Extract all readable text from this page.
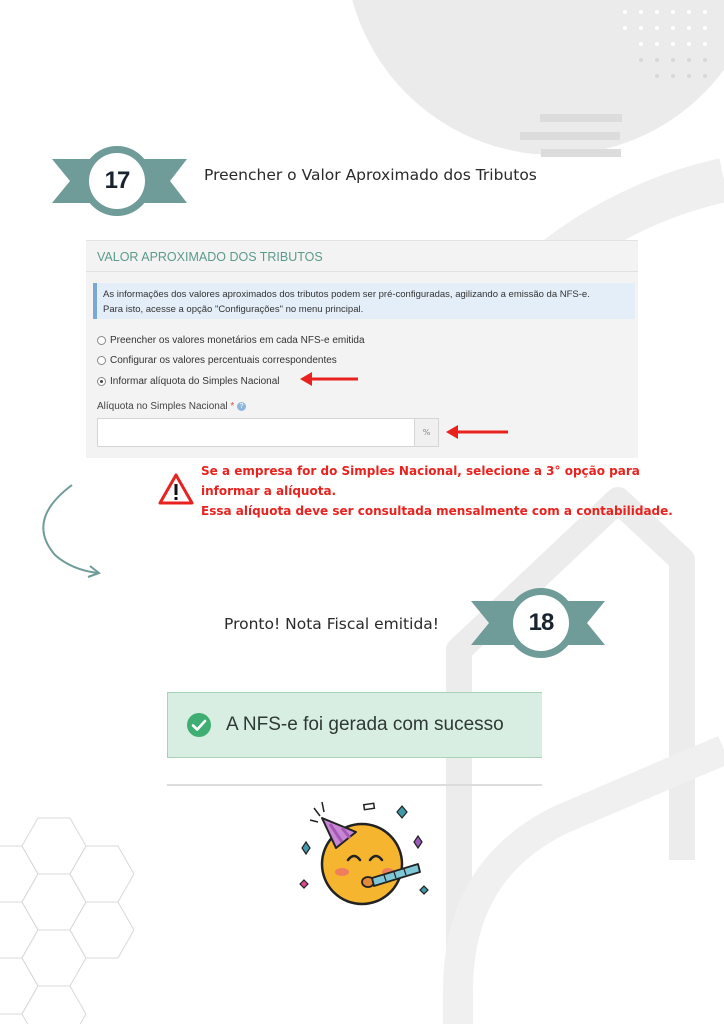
17	Preencher o Valor Aproximado dos Tributos
VALOR APROXIMADO DOS TRIBUTOS
As informações dos valores aproximados dos tributos podem ser pré-configuradas, agilizando a emissão da NFS-e.
Para isto, acesse a opção "Configurações" no menu principal.
Preencher os valores monetários em cada NFS-e emitida
Configurar os valores percentuais correspondentes
Informar alíquota do Simples Nacional
Alíquota no Simples Nacional * ?
%
Se a empresa for do Simples Nacional, selecione a 3° opção para
informar a alíquota.
Essa alíquota deve ser consultada mensalmente com a contabilidade.
Pronto! Nota Fiscal emitida!	18
A NFS-e foi gerada com sucesso
